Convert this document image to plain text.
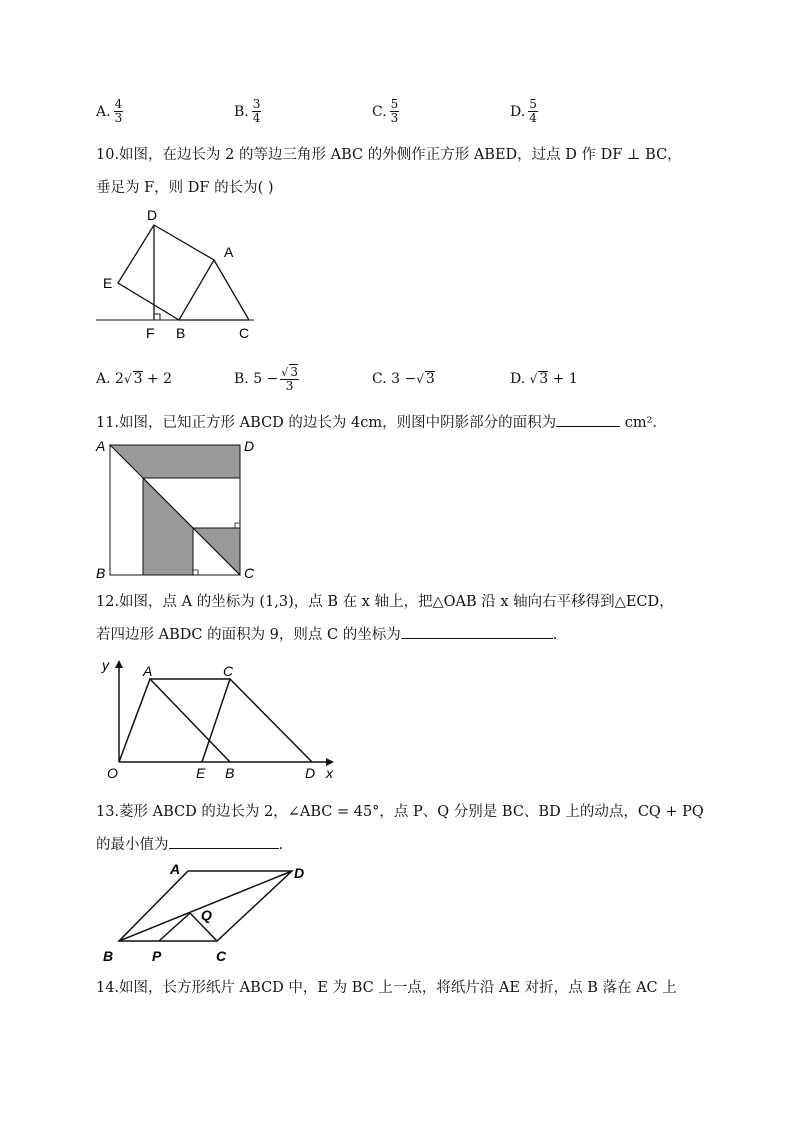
A. $\frac{4}{3}$	B. $\frac{3}{4}$	C. $\frac{5}{3}$	D. $\frac{5}{4}$
10.如图，在边长为 2 的等边三角形 ABC 的外侧作正方形 ABED，过点 D 作 DF ⊥ BC，
垂足为 F，则 DF 的长为( )
D
A
E
F B	C
A. 2√ 3 + 2	B.
$5 - \frac{√ 3}{3}$	C. 3 −√ 3	D. √ 3 + 1
11.如图，已知正方形 ABCD 的边长为 4cm，则图中阴影部分的面积为	cm².
A	D
B	C
12.如图，点 A 的坐标为 (1,3)，点 B 在 x 轴上，把△OAB 沿 x 轴向右平移得到△ECD，
若四边形 ABDC 的面积为 9，则点 C 的坐标为	.
y A	C
O	E B	D x
13.菱形 ABCD 的边长为 2，∠ABC = 45°，点 P、Q 分别是 BC、BD 上的动点，CQ + PQ
的最小值为	.
A	D
Q
B	P	C
14.如图，长方形纸片 ABCD 中，E 为 BC 上一点，将纸片沿 AE 对折，点 B 落在 AC 上
